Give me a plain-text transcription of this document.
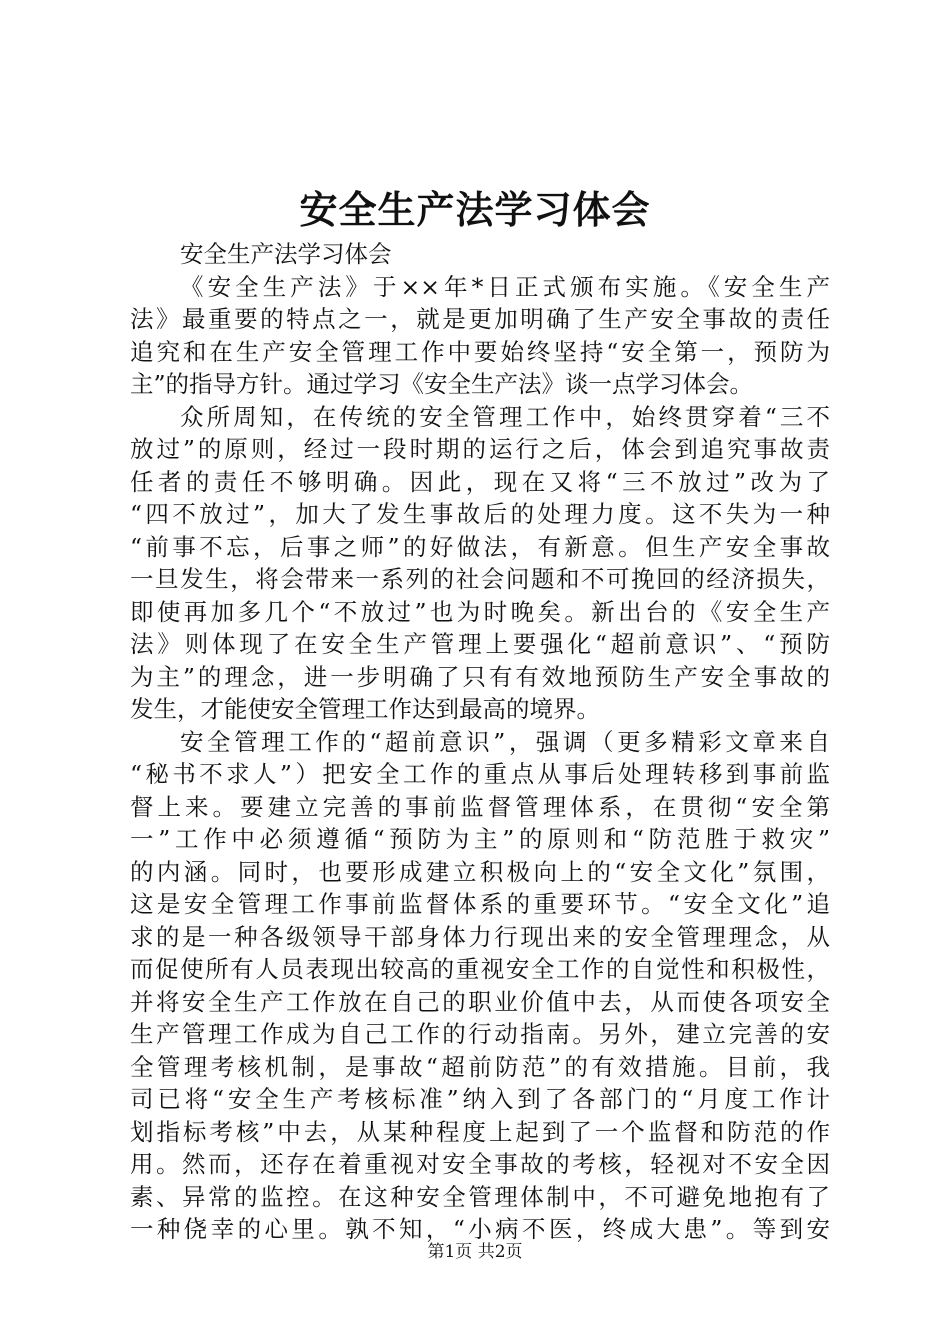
安全生产法学习体会
安全生产法学习体会
《安全生产法》于××年*日正式颁布实施。《安全生产
法》最重要的特点之一，就是更加明确了生产安全事故的责任
追究和在生产安全管理工作中要始终坚持“安全第一，预防为
主”的指导方针。通过学习《安全生产法》谈一点学习体会。
众所周知，在传统的安全管理工作中，始终贯穿着“三不
放过”的原则，经过一段时期的运行之后，体会到追究事故责
任者的责任不够明确。因此，现在又将“三不放过”改为了
“四不放过”，加大了发生事故后的处理力度。这不失为一种
“前事不忘，后事之师”的好做法，有新意。但生产安全事故
一旦发生，将会带来一系列的社会问题和不可挽回的经济损失，
即使再加多几个“不放过”也为时晚矣。新出台的《安全生产
法》则体现了在安全生产管理上要强化“超前意识”、“预防
为主”的理念，进一步明确了只有有效地预防生产安全事故的
发生，才能使安全管理工作达到最高的境界。
安全管理工作的“超前意识”，强调（更多精彩文章来自
“秘书不求人”）把安全工作的重点从事后处理转移到事前监
督上来。要建立完善的事前监督管理体系，在贯彻“安全第
一”工作中必须遵循“预防为主”的原则和“防范胜于救灾”
的内涵。同时，也要形成建立积极向上的“安全文化”氛围，
这是安全管理工作事前监督体系的重要环节。“安全文化”追
求的是一种各级领导干部身体力行现出来的安全管理理念，从
而促使所有人员表现出较高的重视安全工作的自觉性和积极性，
并将安全生产工作放在自己的职业价值中去，从而使各项安全
生产管理工作成为自己工作的行动指南。另外，建立完善的安
全管理考核机制，是事故“超前防范”的有效措施。目前，我
司已将“安全生产考核标准”纳入到了各部门的“月度工作计
划指标考核”中去，从某种程度上起到了一个监督和防范的作
用。然而，还存在着重视对安全事故的考核，轻视对不安全因
素、异常的监控。在这种安全管理体制中，不可避免地抱有了
一种侥幸的心里。孰不知，“小病不医，终成大患”。等到安
第1页 共2页
